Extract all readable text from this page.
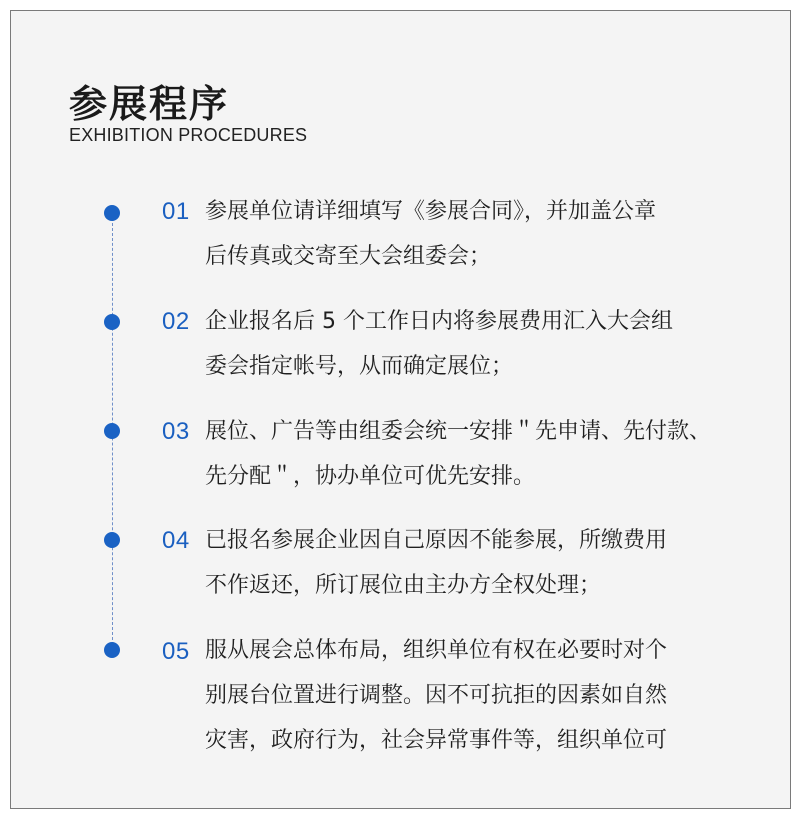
参展程序
EXHIBITION PROCEDURES
01 参展单位请详细填写《参展合同》，并加盖公章
后传真或交寄至大会组委会；
02 企业报名后 5 个工作日内将参展费用汇入大会组
委会指定帐号，从而确定展位；
03 展位、广告等由组委会统一安排＂先申请、先付款、
先分配＂，协办单位可优先安排。
04 已报名参展企业因自己原因不能参展，所缴费用
不作返还，所订展位由主办方全权处理；
05 服从展会总体布局，组织单位有权在必要时对个
别展台位置进行调整。因不可抗拒的因素如自然
灾害，政府行为，社会异常事件等，组织单位可
